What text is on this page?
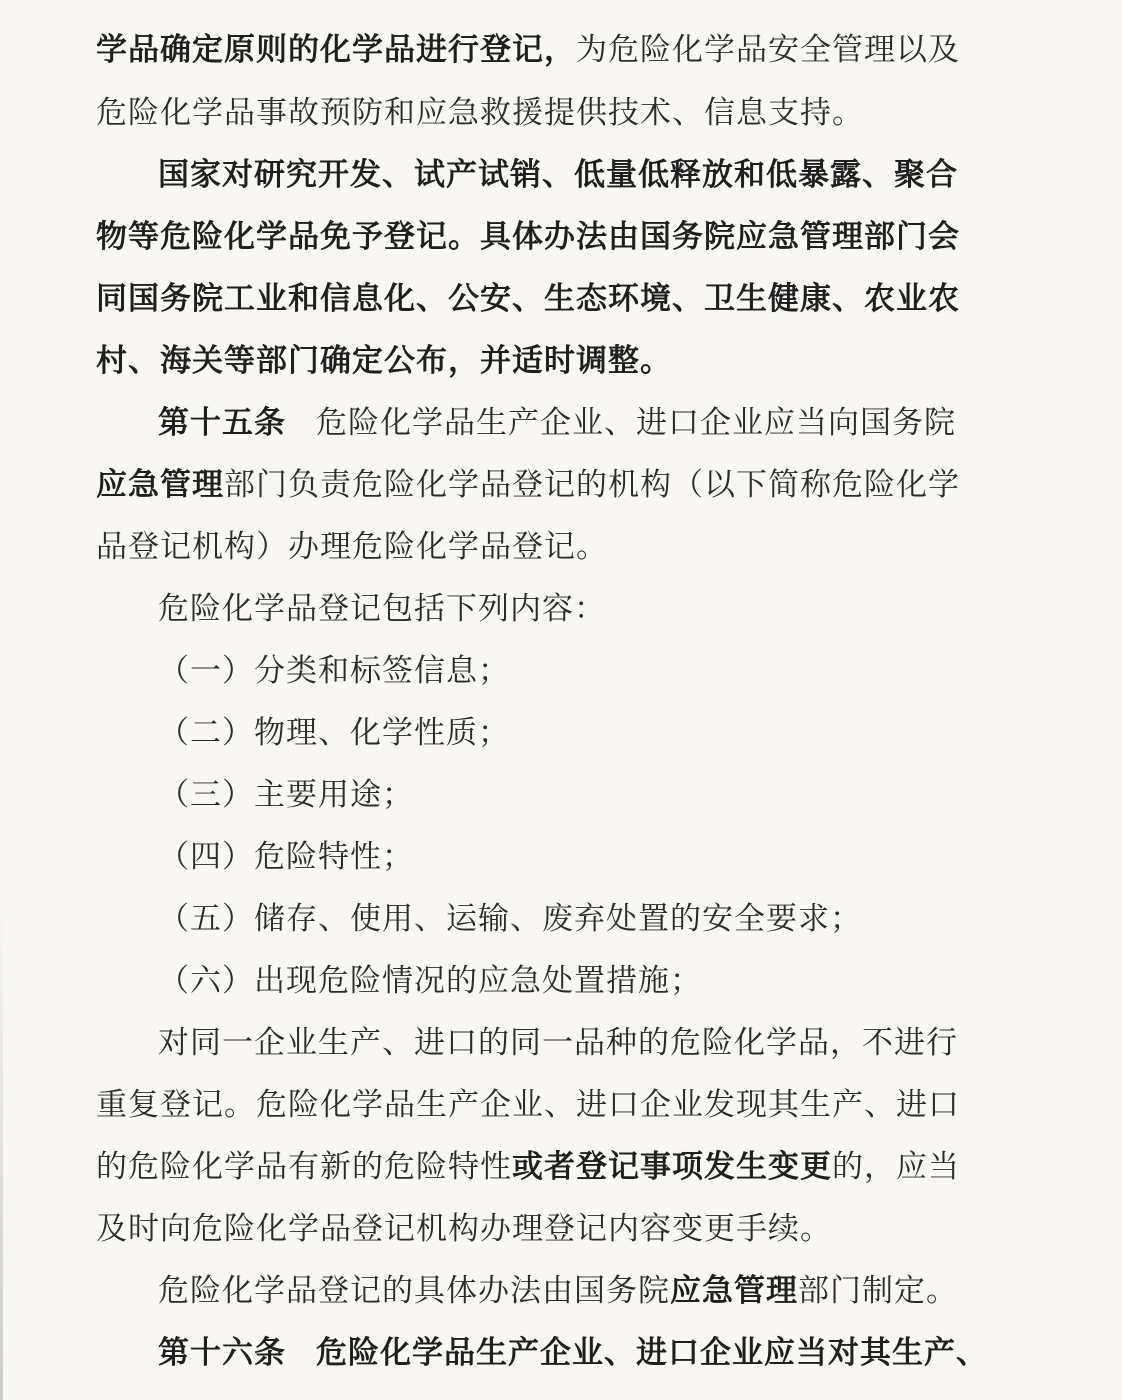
学品确定原则的化学品进行登记，为危险化学品安全管理以及
危险化学品事故预防和应急救援提供技术、信息支持。
国家对研究开发、试产试销、低量低释放和低暴露、聚合
物等危险化学品免予登记。具体办法由国务院应急管理部门会
同国务院工业和信息化、公安、生态环境、卫生健康、农业农
村、海关等部门确定公布，并适时调整。
第十五条 危险化学品生产企业、进口企业应当向国务院
应急管理部门负责危险化学品登记的机构（以下简称危险化学
品登记机构）办理危险化学品登记。
危险化学品登记包括下列内容：
（一）分类和标签信息；
（二）物理、化学性质；
（三）主要用途；
（四）危险特性；
（五）储存、使用、运输、废弃处置的安全要求；
（六）出现危险情况的应急处置措施；
对同一企业生产、进口的同一品种的危险化学品，不进行
重复登记。危险化学品生产企业、进口企业发现其生产、进口
的危险化学品有新的危险特性或者登记事项发生变更的，应当
及时向危险化学品登记机构办理登记内容变更手续。
危险化学品登记的具体办法由国务院应急管理部门制定。
第十六条 危险化学品生产企业、进口企业应当对其生产、
